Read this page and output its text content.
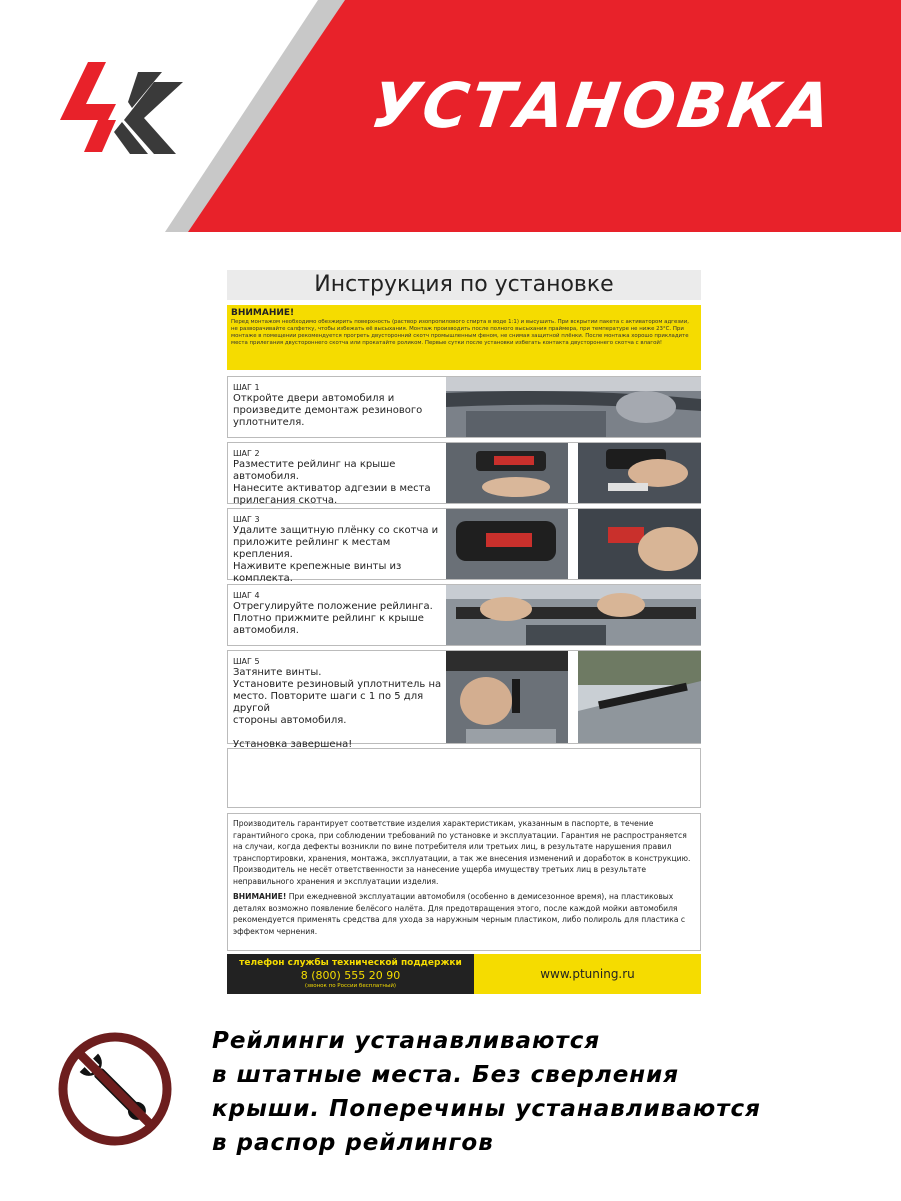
УСТАНОВКА
Инструкция по установке
ВНИМАНИЕ!
Перед монтажом необходимо обезжирить поверхность (раствор изопропилового спирта в воде 1:1) и высушить. При вскрытии пакета с активатором адгезии, не разворачивайте салфетку, чтобы избежать её высыхания. Монтаж производить после полного высыхания праймера, при температуре не ниже 23°С. При монтаже в помещении рекомендуется прогреть двусторонний скотч промышленным феном, не снимая защитной плёнки. После монтажа хорошо прикладите места прилегания двустороннего скотча или прокатайте роликом. Первые сутки после установки избегать контакта двустороннего скотча с влагой!
ШАГ 1
Откройте двери автомобиля и
произведите демонтаж резинового
уплотнителя.
ШАГ 2
Разместите рейлинг на крыше автомобиля.
Нанесите активатор адгезии в места
прилегания скотча.
ШАГ 3
Удалите защитную плёнку со скотча и
приложите рейлинг к местам крепления.
Наживите крепежные винты из
комплекта.
ШАГ 4
Отрегулируйте положение рейлинга.
Плотно прижмите рейлинг к крыше
автомобиля.
ШАГ 5
Затяните винты.
Установите резиновый уплотнитель на
место. Повторите шаги с 1 по 5 для другой
стороны автомобиля.

Установка завершена!

Производитель гарантирует соответствие изделия характеристикам, указанным в паспорте, в течение гарантийного срока, при соблюдении требований по установке и эксплуатации. Гарантия не распространяется на случаи, когда дефекты возникли по вине потребителя или третьих лиц, в результате нарушения правил транспортировки, хранения, монтажа, эксплуатации, а так же внесения изменений и доработок в конструкцию. Производитель не несёт ответственности за нанесение ущерба имуществу третьих лиц в результате неправильного хранения и эксплуатации изделия.

ВНИМАНИЕ! При ежедневной эксплуатации автомобиля (особенно в демисезонное время), на пластиковых деталях возможно появление белёсого налёта. Для предотвращения этого, после каждой мойки автомобиля рекомендуется применять средства для ухода за наружным черным пластиком, либо полироль для пластика с эффектом чернения.

телефон службы технической поддержки
8 (800) 555 20 90
(звонок по России бесплатный)
www.ptuning.ru
Рейлинги устанавливаются
в штатные места. Без сверления
крыши. Поперечины устанавливаются
в распор рейлингов
